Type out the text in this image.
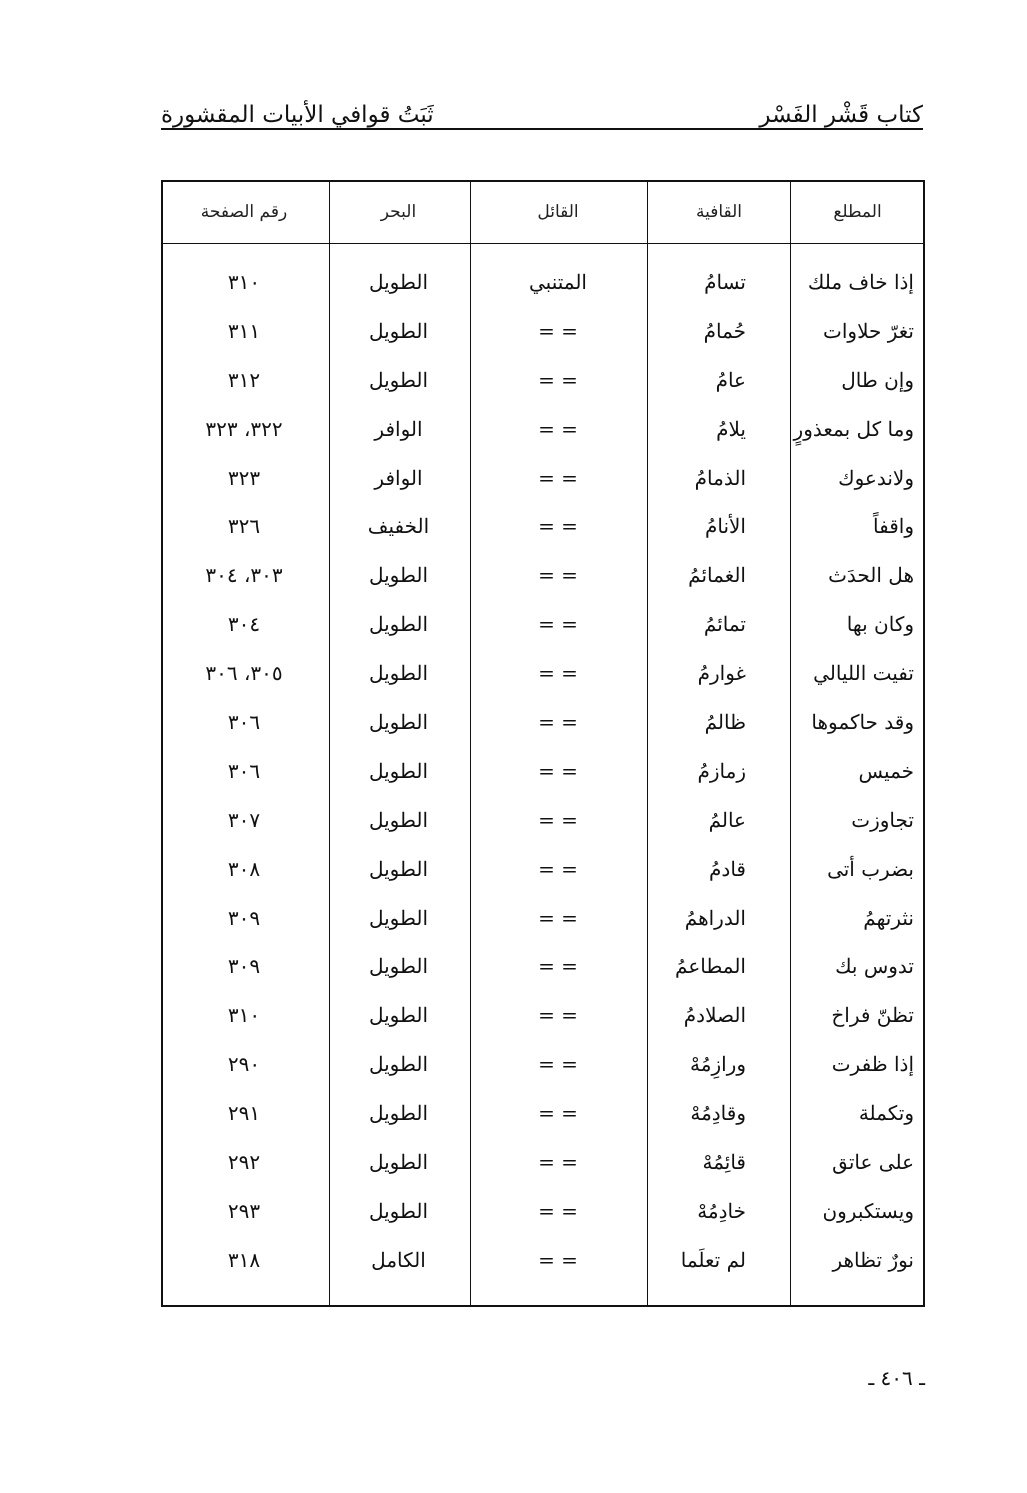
كتاب قَشْر الفَسْر
ثَبَتُ قوافي الأبيات المقشورة
المطلع
القافية
القائل
البحر
رقم الصفحة
إذا خاف ملك
تسامُ
المتنبي
الطويل
٣١٠
تغرّ حلاوات
حُمامُ
= =
الطويل
٣١١
وإن طال
عامُ
= =
الطويل
٣١٢
وما كل بمعذورٍ
يلامُ
= =
الوافر
٣٢٢، ٣٢٣
ولاندعوك
الذمامُ
= =
الوافر
٣٢٣
واقفاً
الأنامُ
= =
الخفيف
٣٢٦
هل الحدَث
الغمائمُ
= =
الطويل
٣٠٣، ٣٠٤
وكان بها
تمائمُ
= =
الطويل
٣٠٤
تفيت الليالي
غوارمُ
= =
الطويل
٣٠٥، ٣٠٦
وقد حاكموها
ظالمُ
= =
الطويل
٣٠٦
خميس
زمازمُ
= =
الطويل
٣٠٦
تجاوزت
عالمُ
= =
الطويل
٣٠٧
بضرب أتى
قادمُ
= =
الطويل
٣٠٨
نثرتهمُ
الدراهمُ
= =
الطويل
٣٠٩
تدوس بك
المطاعمُ
= =
الطويل
٣٠٩
تظنّ فراخ
الصلادمُ
= =
الطويل
٣١٠
إذا ظفرت
ورازِمُهْ
= =
الطويل
٢٩٠
وتكملة
وقادِمُهْ
= =
الطويل
٢٩١
على عاتق
قائِمُهْ
= =
الطويل
٢٩٢
ويستكبرون
خادِمُهْ
= =
الطويل
٢٩٣
نورٌ تظاهر
لم تعلَما
= =
الكامل
٣١٨
ـ ٤٠٦ ـ
